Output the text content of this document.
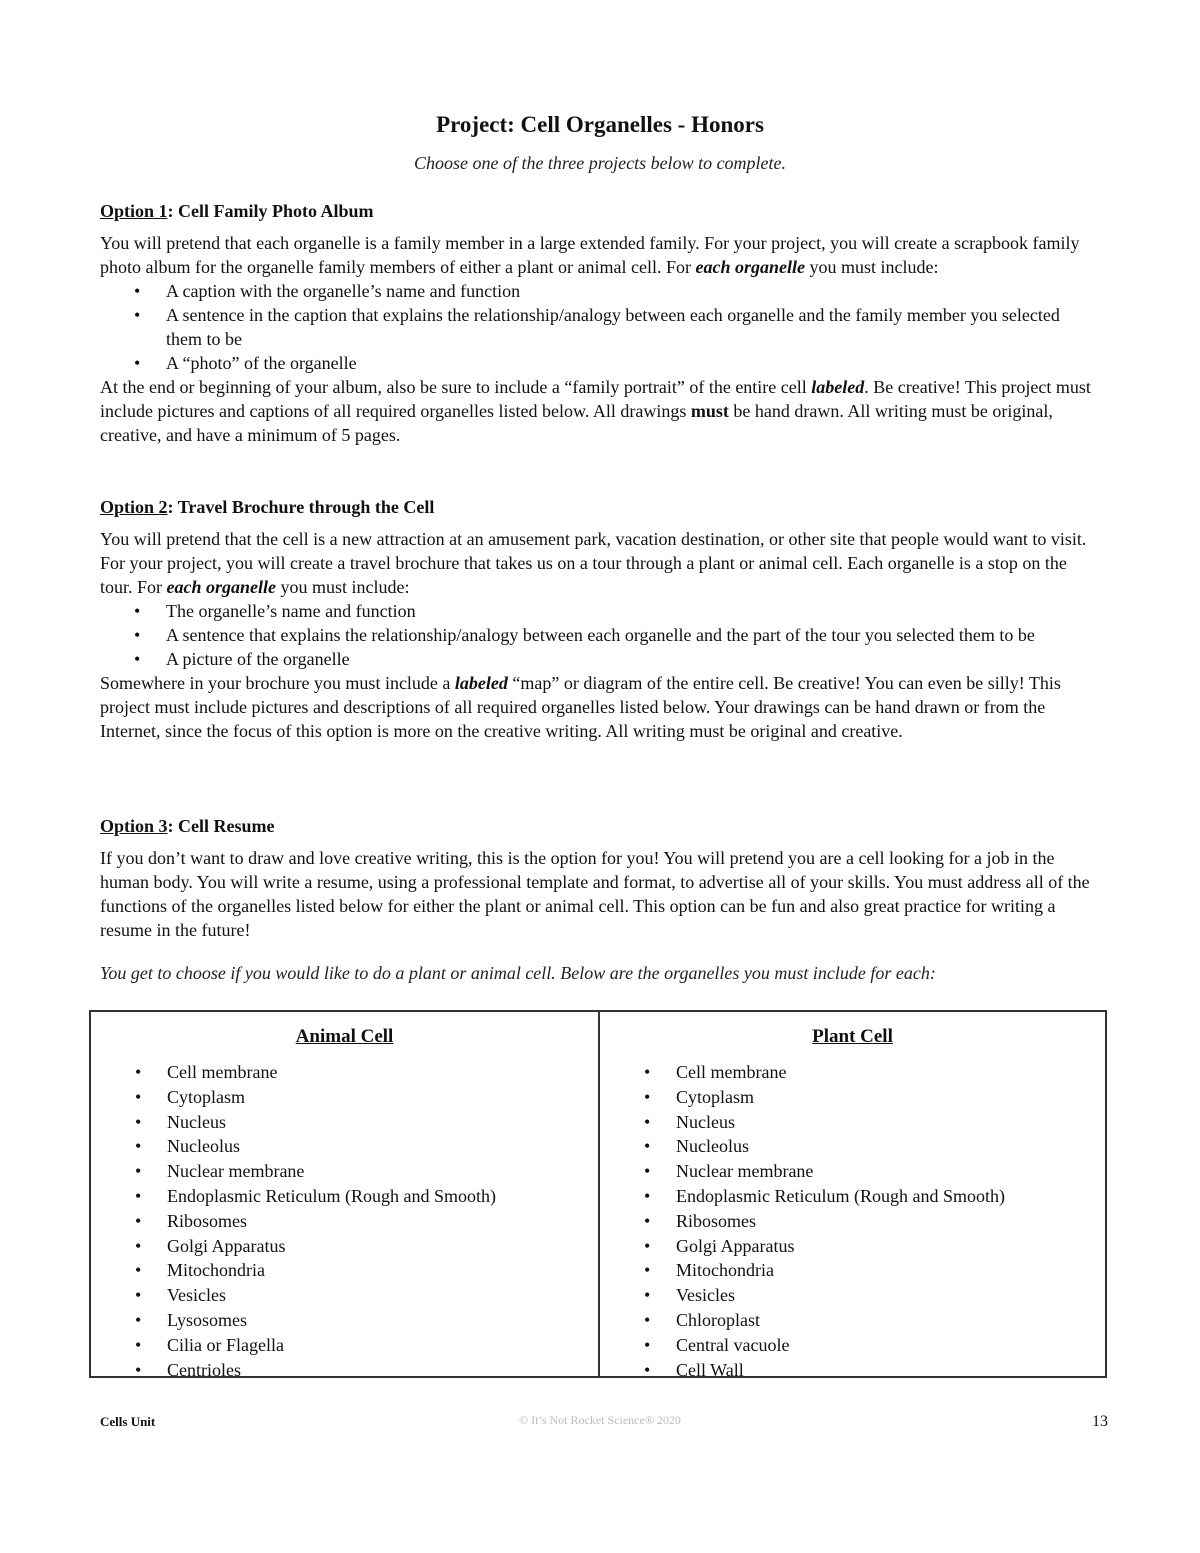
Project: Cell Organelles - Honors
Choose one of the three projects below to complete.
Option 1: Cell Family Photo Album

You will pretend that each organelle is a family member in a large extended family. For your project, you will create a scrapbook family photo album for the organelle family members of either a plant or animal cell. For each organelle you must include:

• A caption with the organelle’s name and function
• A sentence in the caption that explains the relationship/analogy between each organelle and the family member you selected them to be
• A “photo” of the organelle

At the end or beginning of your album, also be sure to include a “family portrait” of the entire cell labeled. Be creative! This project must include pictures and captions of all required organelles listed below. All drawings must be hand drawn. All writing must be original, creative, and have a minimum of 5 pages.

Option 2: Travel Brochure through the Cell

You will pretend that the cell is a new attraction at an amusement park, vacation destination, or other site that people would want to visit. For your project, you will create a travel brochure that takes us on a tour through a plant or animal cell. Each organelle is a stop on the tour. For each organelle you must include:

• The organelle’s name and function
• A sentence that explains the relationship/analogy between each organelle and the part of the tour you selected them to be
• A picture of the organelle

Somewhere in your brochure you must include a labeled “map” or diagram of the entire cell. Be creative! You can even be silly! This project must include pictures and descriptions of all required organelles listed below. Your drawings can be hand drawn or from the Internet, since the focus of this option is more on the creative writing. All writing must be original and creative.

Option 3: Cell Resume

If you don’t want to draw and love creative writing, this is the option for you! You will pretend you are a cell looking for a job in the human body. You will write a resume, using a professional template and format, to advertise all of your skills. You must address all of the functions of the organelles listed below for either the plant or animal cell. This option can be fun and also great practice for writing a resume in the future!

You get to choose if you would like to do a plant or animal cell. Below are the organelles you must include for each:
Animal Cell
• Cell membrane
• Cytoplasm
• Nucleus
• Nucleolus
• Nuclear membrane
• Endoplasmic Reticulum (Rough and Smooth)
• Ribosomes
• Golgi Apparatus
• Mitochondria
• Vesicles
• Lysosomes
• Cilia or Flagella
• Centrioles
Plant Cell
• Cell membrane
• Cytoplasm
• Nucleus
• Nucleolus
• Nuclear membrane
• Endoplasmic Reticulum (Rough and Smooth)
• Ribosomes
• Golgi Apparatus
• Mitochondria
• Vesicles
• Chloroplast
• Central vacuole
• Cell Wall
Cells Unit	© It’s Not Rocket Science® 2020	13
